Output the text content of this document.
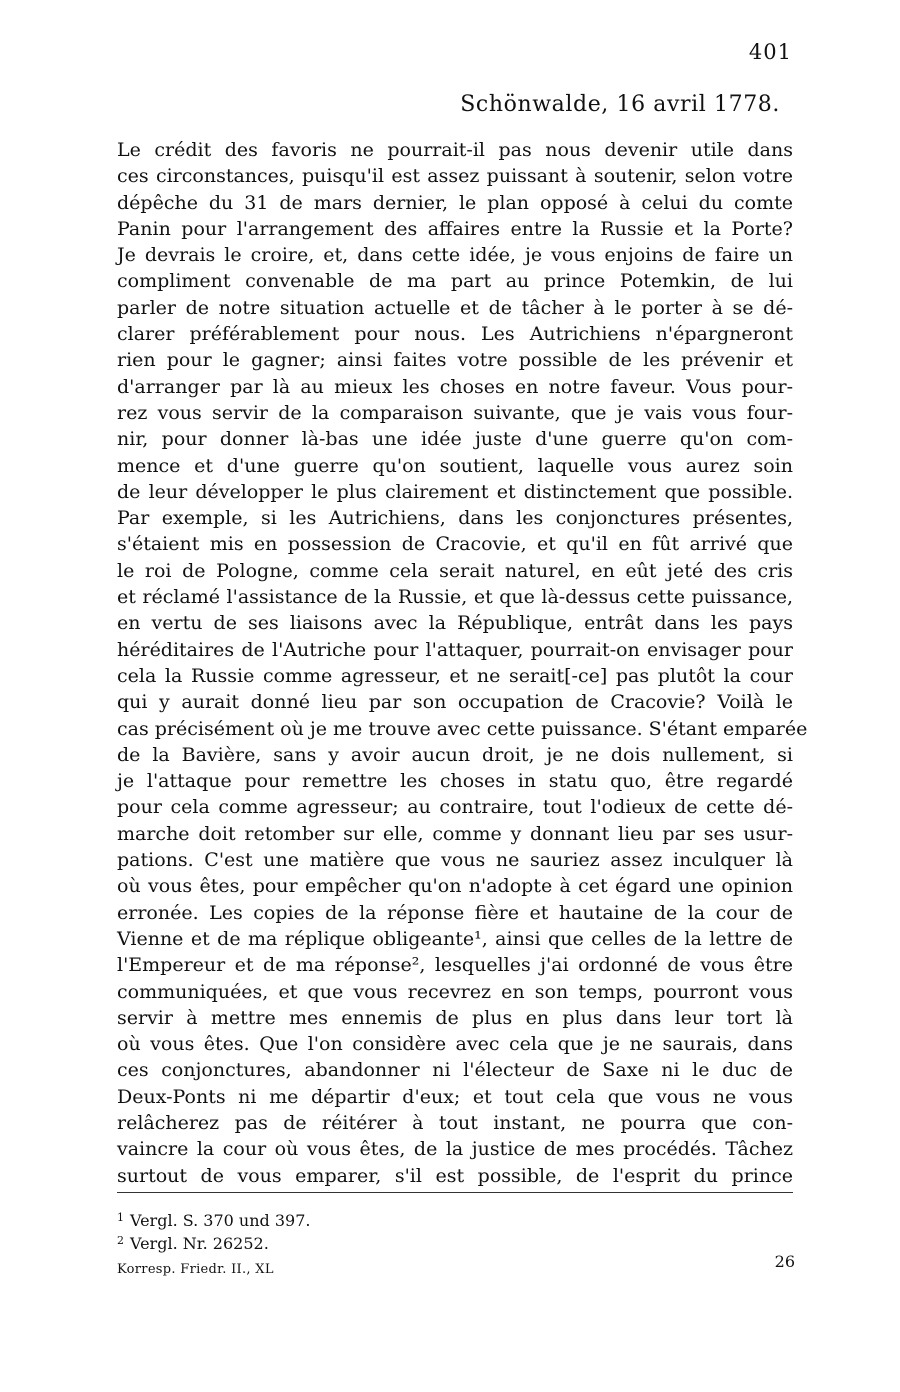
401
Schönwalde, 16 avril 1778.
Le crédit des favoris ne pourrait-il pas nous devenir utile dans
ces circonstances, puisqu'il est assez puissant à soutenir, selon votre
dépêche du 31 de mars dernier, le plan opposé à celui du comte
Panin pour l'arrangement des affaires entre la Russie et la Porte?
Je devrais le croire, et, dans cette idée, je vous enjoins de faire un
compliment convenable de ma part au prince Potemkin, de lui
parler de notre situation actuelle et de tâcher à le porter à se dé-
clarer préférablement pour nous. Les Autrichiens n'épargneront
rien pour le gagner; ainsi faites votre possible de les prévenir et
d'arranger par là au mieux les choses en notre faveur. Vous pour-
rez vous servir de la comparaison suivante, que je vais vous four-
nir, pour donner là-bas une idée juste d'une guerre qu'on com-
mence et d'une guerre qu'on soutient, laquelle vous aurez soin
de leur développer le plus clairement et distinctement que possible.
Par exemple, si les Autrichiens, dans les conjonctures présentes,
s'étaient mis en possession de Cracovie, et qu'il en fût arrivé que
le roi de Pologne, comme cela serait naturel, en eût jeté des cris
et réclamé l'assistance de la Russie, et que là-dessus cette puissance,
en vertu de ses liaisons avec la République, entrât dans les pays
héréditaires de l'Autriche pour l'attaquer, pourrait-on envisager pour
cela la Russie comme agresseur, et ne serait[-ce] pas plutôt la cour
qui y aurait donné lieu par son occupation de Cracovie? Voilà le
cas précisément où je me trouve avec cette puissance. S'étant emparée
de la Bavière, sans y avoir aucun droit, je ne dois nullement, si
je l'attaque pour remettre les choses in statu quo, être regardé
pour cela comme agresseur; au contraire, tout l'odieux de cette dé-
marche doit retomber sur elle, comme y donnant lieu par ses usur-
pations. C'est une matière que vous ne sauriez assez inculquer là
où vous êtes, pour empêcher qu'on n'adopte à cet égard une opinion
erronée. Les copies de la réponse fière et hautaine de la cour de
Vienne et de ma réplique obligeante¹, ainsi que celles de la lettre de
l'Empereur et de ma réponse², lesquelles j'ai ordonné de vous être
communiquées, et que vous recevrez en son temps, pourront vous
servir à mettre mes ennemis de plus en plus dans leur tort là
où vous êtes. Que l'on considère avec cela que je ne saurais, dans
ces conjonctures, abandonner ni l'électeur de Saxe ni le duc de
Deux-Ponts ni me départir d'eux; et tout cela que vous ne vous
relâcherez pas de réitérer à tout instant, ne pourra que con-
vaincre la cour où vous êtes, de la justice de mes procédés. Tâchez
surtout de vous emparer, s'il est possible, de l'esprit du prince
$^1$ Vergl. S. 370 und 397.
$^2$ Vergl. Nr. 26252.
Korresp. Friedr. II., XL	26
